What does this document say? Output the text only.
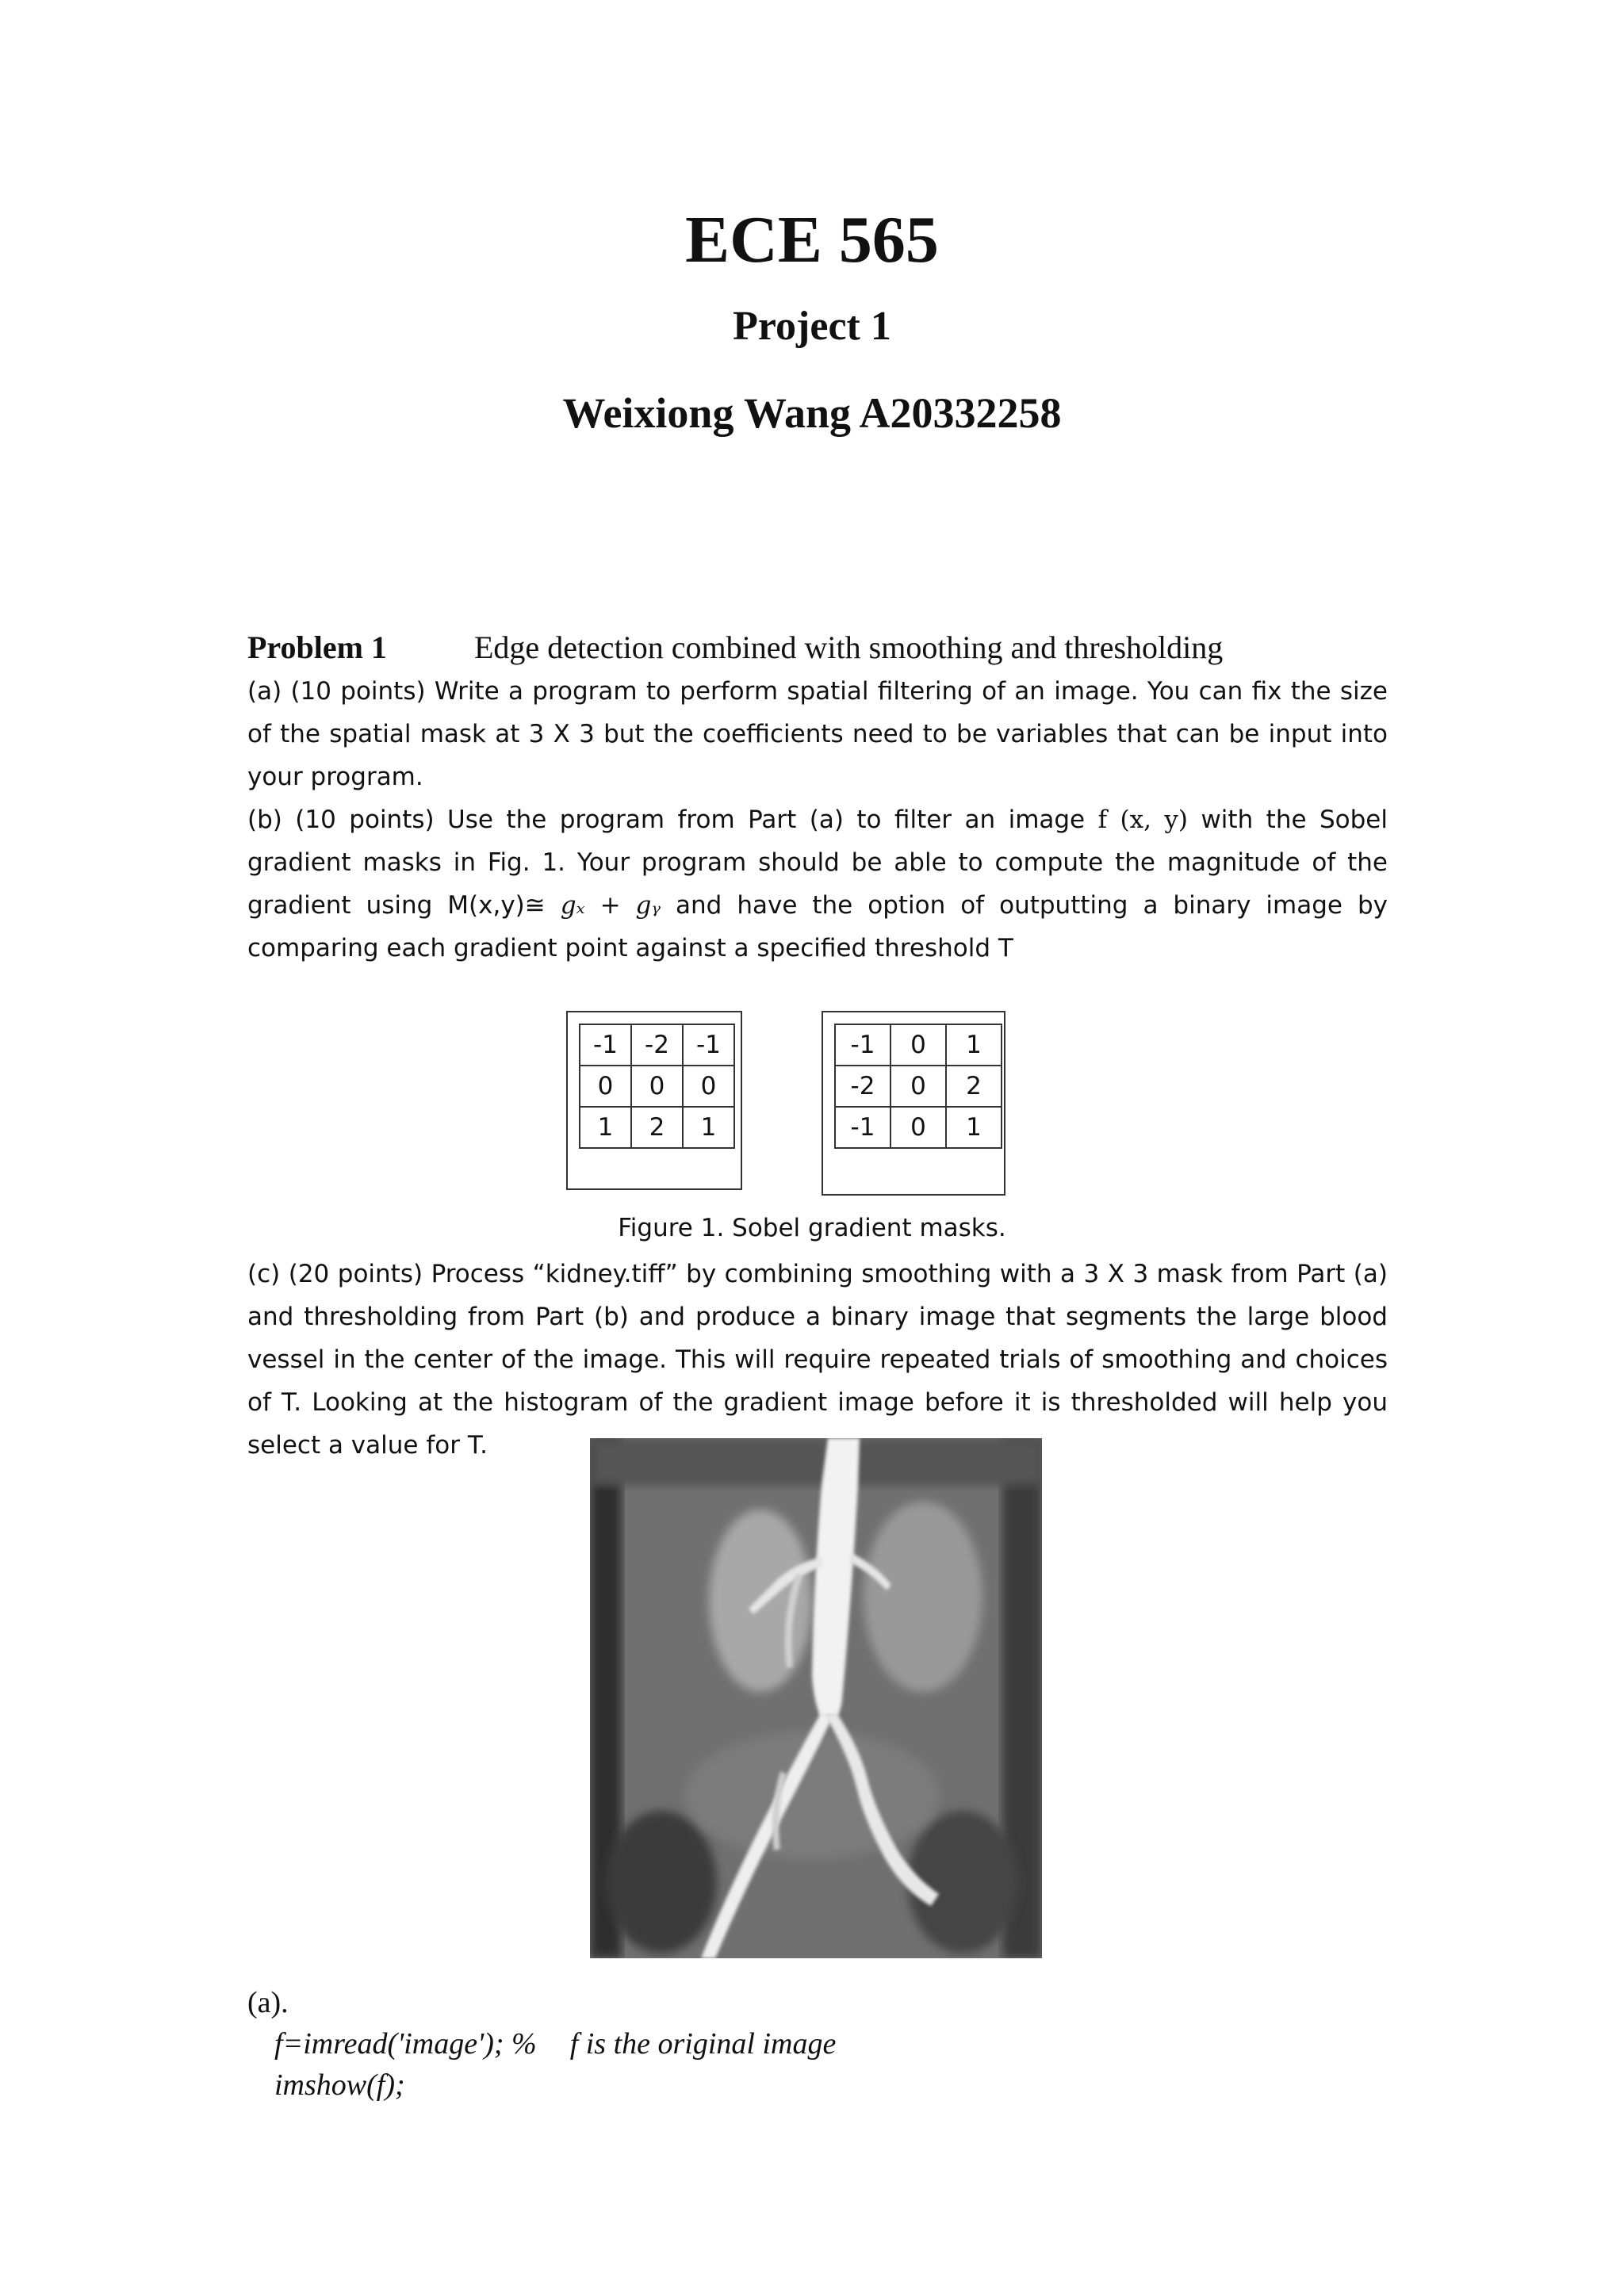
ECE 565
Project 1
Weixiong Wang A20332258
Problem 1	Edge detection combined with smoothing and thresholding

(a) (10 points) Write a program to perform spatial filtering of an image. You can fix the size of the spatial mask at 3 X 3 but the coefficients need to be variables that can be input into your program.

(b) (10 points) Use the program from Part (a) to filter an image f (x, y) with the Sobel gradient masks in Fig. 1. Your program should be able to compute the magnitude of the gradient using M(x,y)≅ gₓ + gᵧ and have the option of outputting a binary image by comparing each gradient point against a specified threshold T

-1	-2	-1
0	0	0
1	2	1
-1	0	1
-2	0	2
-1	0	1
Figure 1. Sobel gradient masks.

(c) (20 points) Process “kidney.tiff” by combining smoothing with a 3 X 3 mask from Part (a) and thresholding from Part (b) and produce a binary image that segments the large blood vessel in the center of the image. This will require repeated trials of smoothing and choices of T. Looking at the histogram of the gradient image before it is thresholded will help you select a value for T.

(a).
f=imread('image'); % f is the original image
imshow(f);
